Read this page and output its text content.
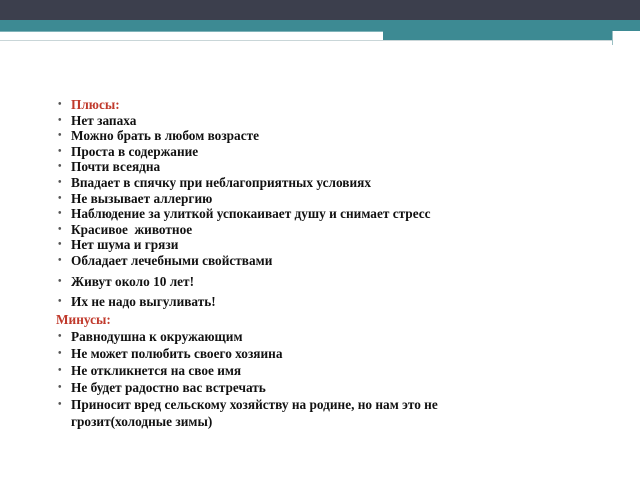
• Плюсы:
• Нет запаха
• Можно брать в любом возрасте
• Проста в содержание
• Почти всеядна
• Впадает в спячку при неблагоприятных условиях
• Не вызывает аллергию
• Наблюдение за улиткой успокаивает душу и снимает стресс
• Красивое  животное
• Нет шума и грязи
• Обладает лечебными свойствами
• Живут около 10 лет!
• Их не надо выгуливать!
Минусы:
• Равнодушна к окружающим
• Не может полюбить своего хозяина
• Не откликнется на свое имя
• Не будет радостно вас встречать
• Приносит вред сельскому хозяйству на родине, но нам это не грозит(холодные зимы)
